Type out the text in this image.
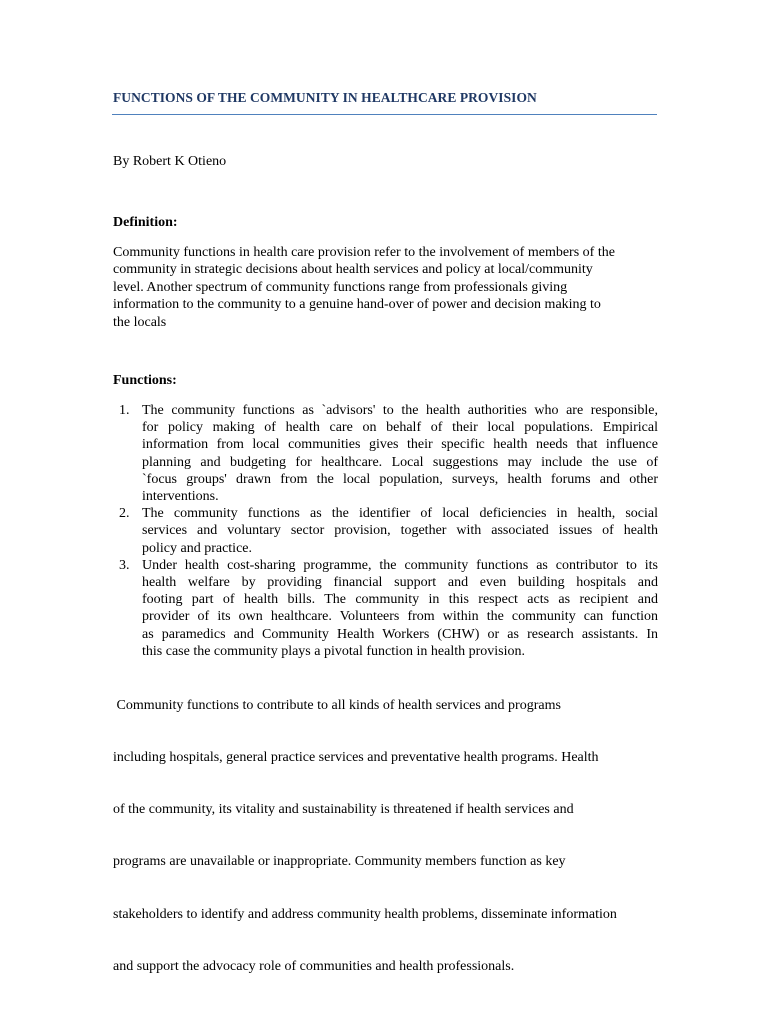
FUNCTIONS OF THE COMMUNITY IN HEALTHCARE PROVISION
By Robert K Otieno
Definition:
Community functions in health care provision refer to the involvement of members of the
community in strategic decisions about health services and policy at local/community
level. Another spectrum of community functions range from professionals giving
information to the community to a genuine hand-over of power and decision making to
the locals
Functions:
1. The community functions as `advisors' to the health authorities who are responsible,
for policy making of health care on behalf of their local populations. Empirical
information from local communities gives their specific health needs that influence
planning and budgeting for healthcare. Local suggestions may include the use of
`focus groups' drawn from the local population, surveys, health forums and other
interventions.
2. The community functions as the identifier of local deficiencies in health, social
services and voluntary sector provision, together with associated issues of health
policy and practice.
3. Under health cost-sharing programme, the community functions as contributor to its
health welfare by providing financial support and even building hospitals and
footing part of health bills. The community in this respect acts as recipient and
provider of its own healthcare. Volunteers from within the community can function
as paramedics and Community Health Workers (CHW) or as research assistants. In
this case the community plays a pivotal function in health provision.

Community functions to contribute to all kinds of health services and programs

including hospitals, general practice services and preventative health programs. Health

of the community, its vitality and sustainability is threatened if health services and

programs are unavailable or inappropriate. Community members function as key

stakeholders to identify and address community health problems, disseminate information

and support the advocacy role of communities and health professionals.
